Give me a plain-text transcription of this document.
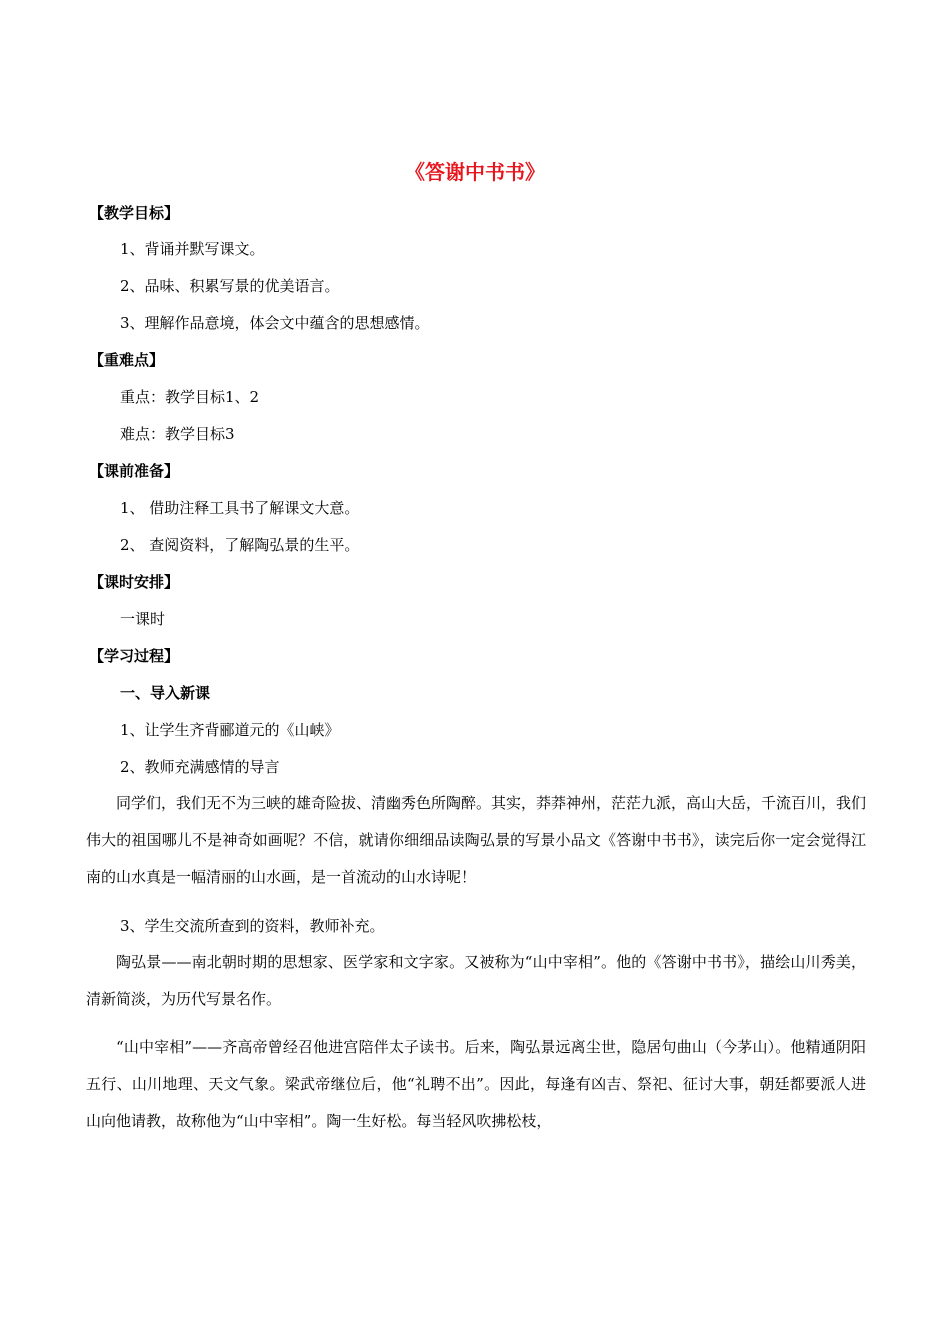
《答谢中书书》
【教学目标】
1、背诵并默写课文。
2、品味、积累写景的优美语言。
3、理解作品意境，体会文中蕴含的思想感情。
【重难点】
重点：教学目标1、2
难点：教学目标3
【课前准备】
1、 借助注释工具书了解课文大意。
2、 查阅资料，了解陶弘景的生平。
【课时安排】
一课时
【学习过程】
一、导入新课
1、让学生齐背郦道元的《山峡》
2、教师充满感情的导言

同学们，我们无不为三峡的雄奇险拔、清幽秀色所陶醉。其实，莽莽神州，茫茫九派，高山大岳，千流百川，我们伟大的祖国哪儿不是神奇如画呢？不信，就请你细细品读陶弘景的写景小品文《答谢中书书》，读完后你一定会觉得江南的山水真是一幅清丽的山水画，是一首流动的山水诗呢！

3、学生交流所查到的资料，教师补充。

陶弘景——南北朝时期的思想家、医学家和文字家。又被称为“山中宰相”。他的《答谢中书书》，描绘山川秀美，清新简淡，为历代写景名作。

“山中宰相”——齐高帝曾经召他进宫陪伴太子读书。后来，陶弘景远离尘世，隐居句曲山（今茅山）。他精通阴阳五行、山川地理、天文气象。梁武帝继位后，他“礼聘不出”。因此，每逢有凶吉、祭祀、征讨大事，朝廷都要派人进山向他请教，故称他为“山中宰相”。陶一生好松。每当轻风吹拂松枝，
